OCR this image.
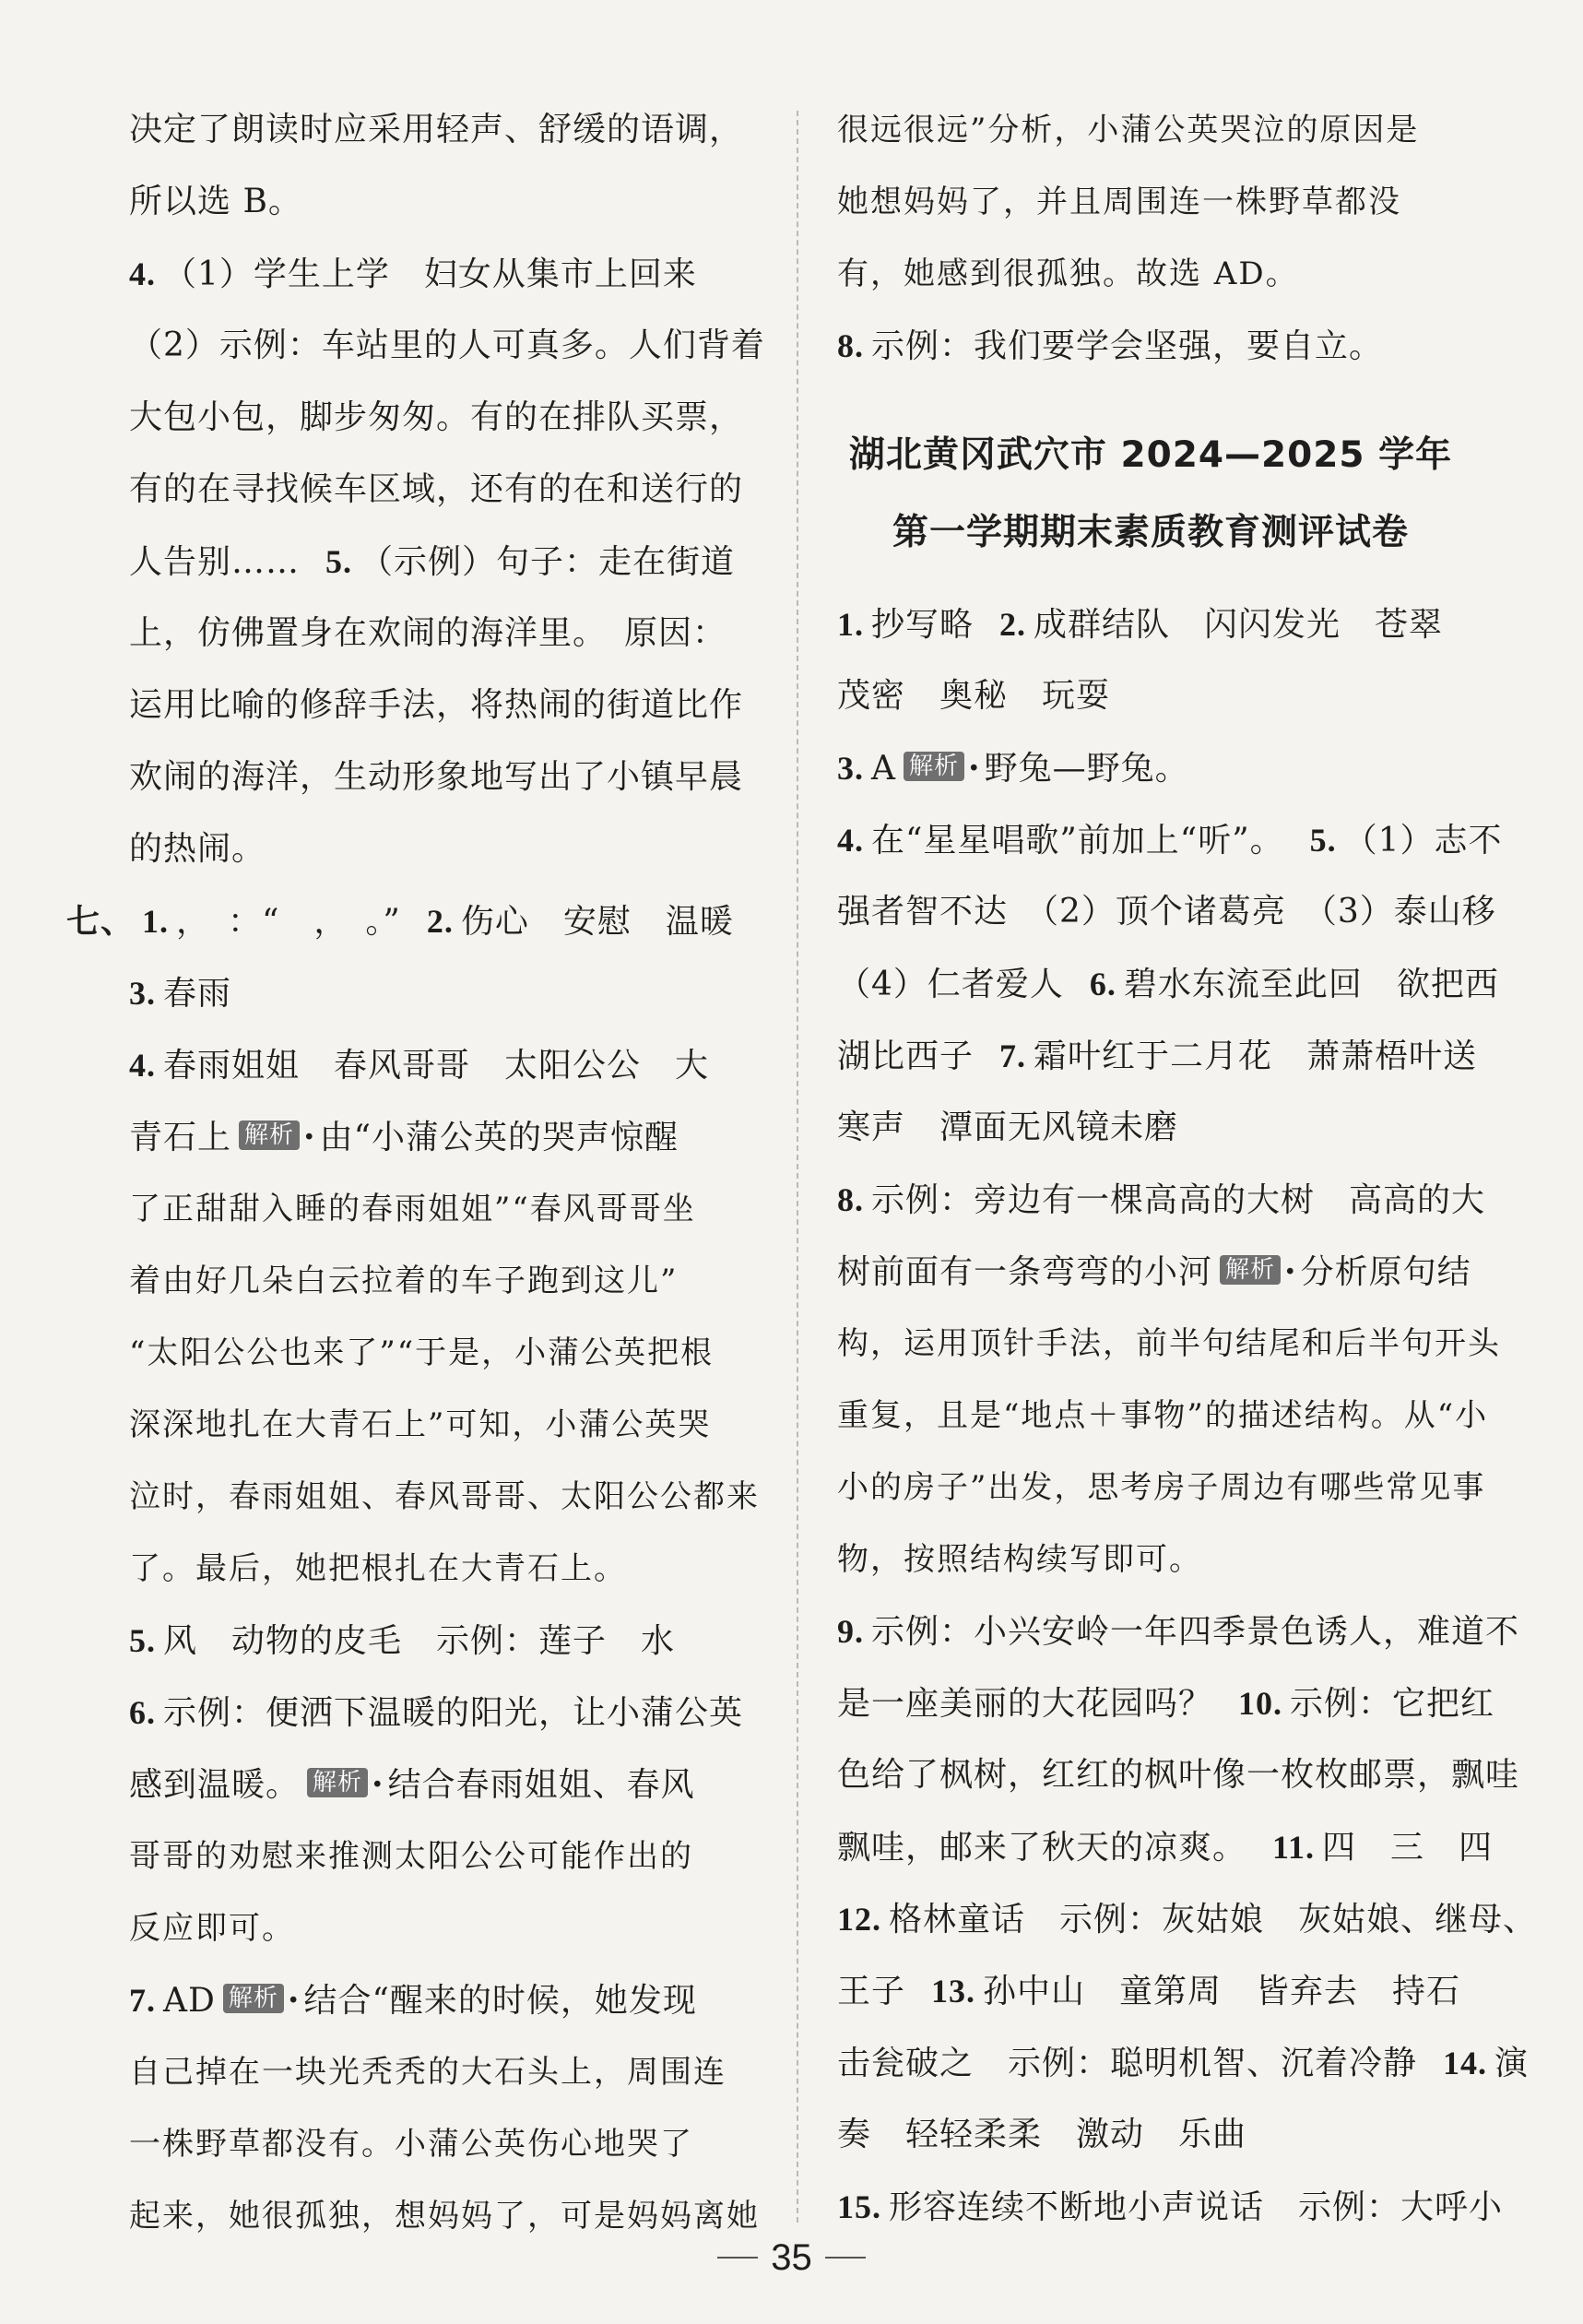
决定了朗读时应采用轻声、舒缓的语调，
所以选 B。
4. （1）学生上学　妇女从集市上回来
（2）示例：车站里的人可真多。人们背着
大包小包，脚步匆匆。有的在排队买票，
有的在寻找候车区域，还有的在和送行的
人告别…… 5. （示例）句子：走在街道
上，仿佛置身在欢闹的海洋里。　原因：
运用比喻的修辞手法，将热闹的街道比作
欢闹的海洋，生动形象地写出了小镇早晨
的热闹。
七、 1. ，　：“　，　。” 2. 伤心　安慰　温暖
3. 春雨
4. 春雨姐姐　春风哥哥　太阳公公　大
青石上 解析 · 由“小蒲公英的哭声惊醒
了正甜甜入睡的春雨姐姐”“春风哥哥坐
着由好几朵白云拉着的车子跑到这儿”
“太阳公公也来了”“于是，小蒲公英把根
深深地扎在大青石上”可知，小蒲公英哭
泣时，春雨姐姐、春风哥哥、太阳公公都来
了。最后，她把根扎在大青石上。
5. 风　动物的皮毛　示例：莲子　水
6. 示例：便洒下温暖的阳光，让小蒲公英
感到温暖。 解析 · 结合春雨姐姐、春风
哥哥的劝慰来推测太阳公公可能作出的
反应即可。
7. AD 解析 · 结合“醒来的时候，她发现
自己掉在一块光秃秃的大石头上，周围连
一株野草都没有。小蒲公英伤心地哭了
起来，她很孤独，想妈妈了，可是妈妈离她
很远很远”分析，小蒲公英哭泣的原因是
她想妈妈了，并且周围连一株野草都没
有，她感到很孤独。故选 AD。
8. 示例：我们要学会坚强，要自立。
湖北黄冈武穴市 2024—2025 学年
第一学期期末素质教育测评试卷
1. 抄写略 2. 成群结队　闪闪发光　苍翠
茂密　奥秘　玩耍
3. A 解析 · 野兔—野兔。
4. 在“星星唱歌”前加上“听”。 5. （1）志不
强者智不达　（2）顶个诸葛亮　（3）泰山移
（4）仁者爱人 6. 碧水东流至此回　欲把西
湖比西子 7. 霜叶红于二月花　萧萧梧叶送
寒声　潭面无风镜未磨
8. 示例：旁边有一棵高高的大树　高高的大
树前面有一条弯弯的小河 解析 · 分析原句结
构，运用顶针手法，前半句结尾和后半句开头
重复，且是“地点＋事物”的描述结构。从“小
小的房子”出发，思考房子周边有哪些常见事
物，按照结构续写即可。
9. 示例：小兴安岭一年四季景色诱人，难道不
是一座美丽的大花园吗？ 10. 示例：它把红
色给了枫树，红红的枫叶像一枚枚邮票，飘哇
飘哇，邮来了秋天的凉爽。 11. 四　三　四
12. 格林童话　示例：灰姑娘　灰姑娘、继母、
王子 13. 孙中山　童第周　皆弃去　持石
击瓮破之　示例：聪明机智、沉着冷静 14. 演
奏　轻轻柔柔　激动　乐曲
15. 形容连续不断地小声说话　示例：大呼小
35
